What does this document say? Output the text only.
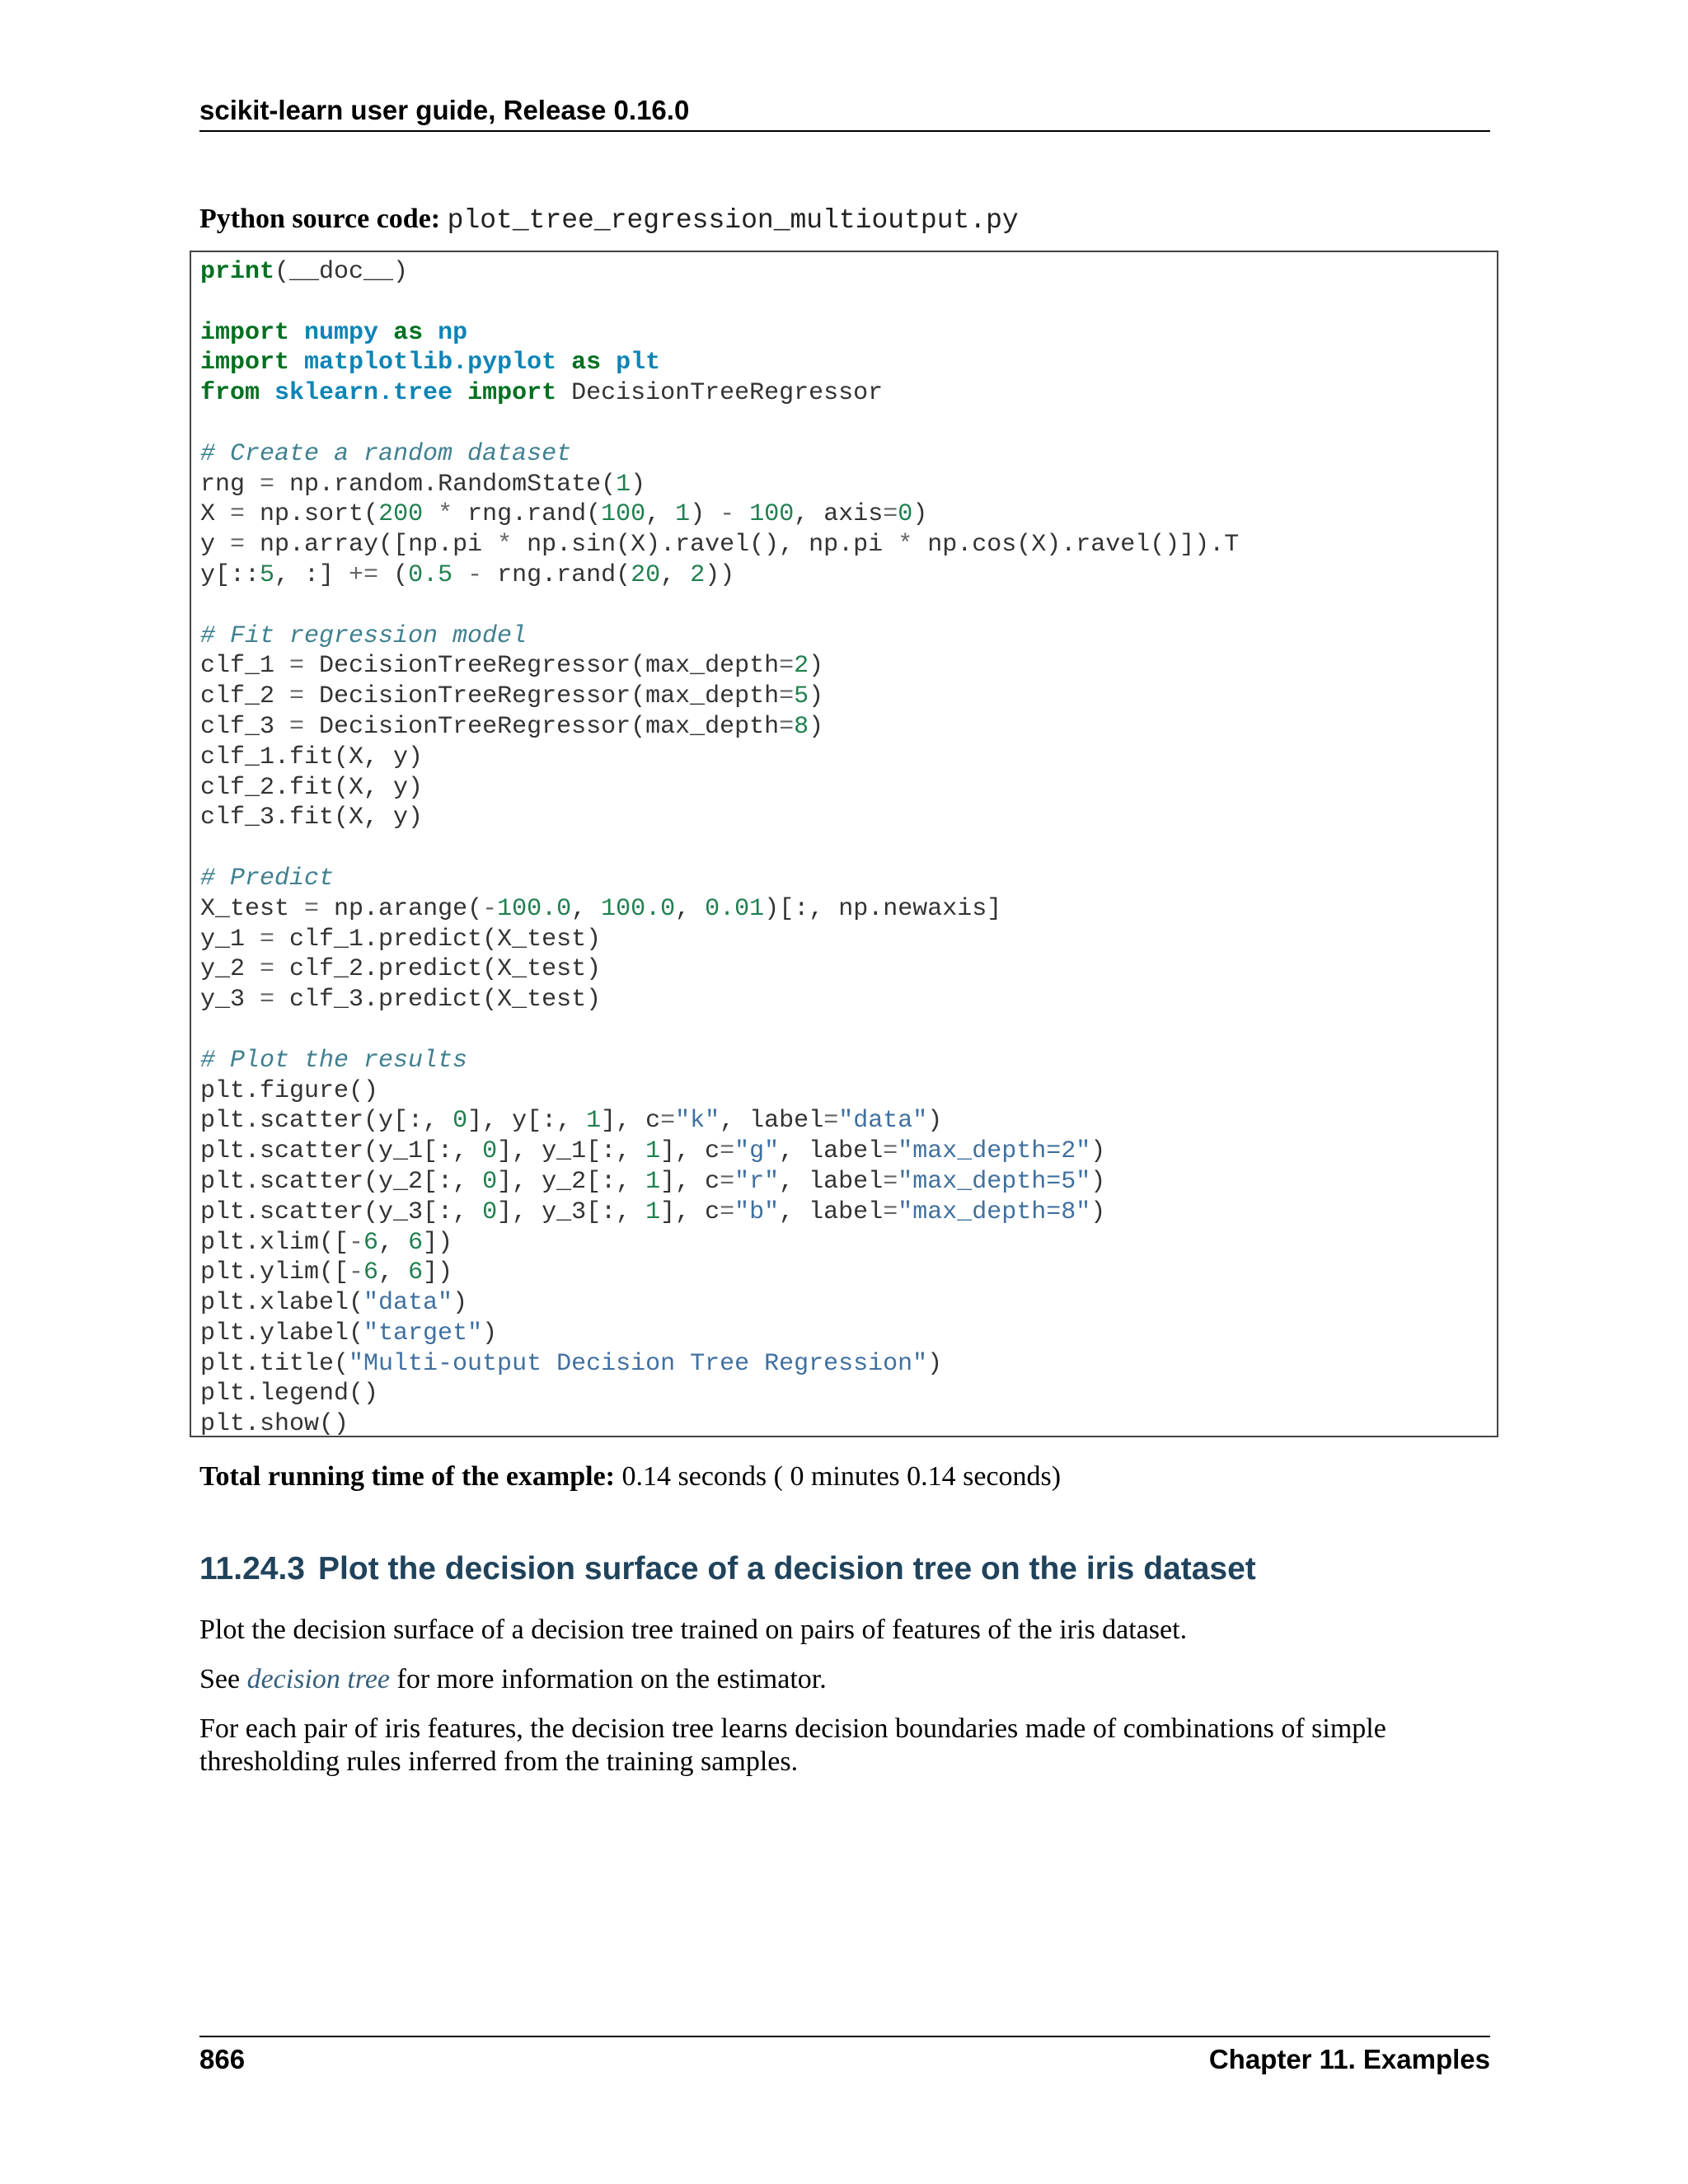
scikit-learn user guide, Release 0.16.0
Python source code: plot_tree_regression_multioutput.py
print(__doc__)

import numpy as np
import matplotlib.pyplot as plt
from sklearn.tree import DecisionTreeRegressor

# Create a random dataset
rng = np.random.RandomState(1)
X = np.sort(200 * rng.rand(100, 1) - 100, axis=0)
y = np.array([np.pi * np.sin(X).ravel(), np.pi * np.cos(X).ravel()]).T
y[::5, :] += (0.5 - rng.rand(20, 2))

# Fit regression model
clf_1 = DecisionTreeRegressor(max_depth=2)
clf_2 = DecisionTreeRegressor(max_depth=5)
clf_3 = DecisionTreeRegressor(max_depth=8)
clf_1.fit(X, y)
clf_2.fit(X, y)
clf_3.fit(X, y)

# Predict
X_test = np.arange(-100.0, 100.0, 0.01)[:, np.newaxis]
y_1 = clf_1.predict(X_test)
y_2 = clf_2.predict(X_test)
y_3 = clf_3.predict(X_test)

# Plot the results
plt.figure()
plt.scatter(y[:, 0], y[:, 1], c="k", label="data")
plt.scatter(y_1[:, 0], y_1[:, 1], c="g", label="max_depth=2")
plt.scatter(y_2[:, 0], y_2[:, 1], c="r", label="max_depth=5")
plt.scatter(y_3[:, 0], y_3[:, 1], c="b", label="max_depth=8")
plt.xlim([-6, 6])
plt.ylim([-6, 6])
plt.xlabel("data")
plt.ylabel("target")
plt.title("Multi-output Decision Tree Regression")
plt.legend()
plt.show()
Total running time of the example: 0.14 seconds ( 0 minutes 0.14 seconds)
11.24.3 Plot the decision surface of a decision tree on the iris dataset
Plot the decision surface of a decision tree trained on pairs of features of the iris dataset.
See decision tree for more information on the estimator.
For each pair of iris features, the decision tree learns decision boundaries made of combinations of simple thresholding rules inferred from the training samples.
866	Chapter 11. Examples
